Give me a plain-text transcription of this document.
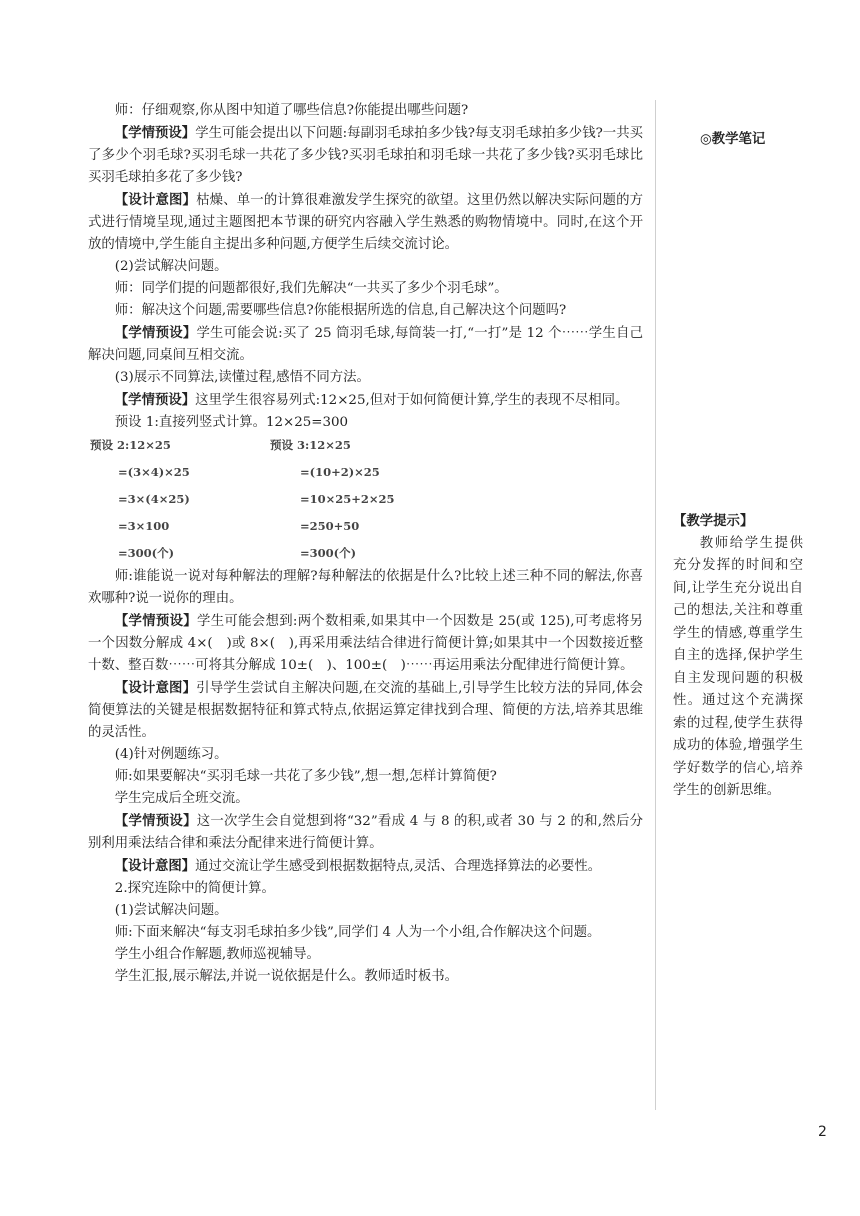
师：仔细观察,你从图中知道了哪些信息?你能提出哪些问题?

【学情预设】学生可能会提出以下问题:每副羽毛球拍多少钱?每支羽毛球拍多少钱?一共买了多少个羽毛球?买羽毛球一共花了多少钱?买羽毛球拍和羽毛球一共花了多少钱?买羽毛球比买羽毛球拍多花了多少钱?

【设计意图】枯燥、单一的计算很难激发学生探究的欲望。这里仍然以解决实际问题的方式进行情境呈现,通过主题图把本节课的研究内容融入学生熟悉的购物情境中。同时,在这个开放的情境中,学生能自主提出多种问题,方便学生后续交流讨论。

(2)尝试解决问题。

师：同学们提的问题都很好,我们先解决“一共买了多少个羽毛球”。

师：解决这个问题,需要哪些信息?你能根据所选的信息,自己解决这个问题吗?

【学情预设】学生可能会说:买了 25 筒羽毛球,每筒装一打,“一打”是 12 个⋯⋯学生自己解决问题,同桌间互相交流。

(3)展示不同算法,读懂过程,感悟不同方法。

【学情预设】这里学生很容易列式:12×25,但对于如何简便计算,学生的表现不尽相同。

预设 1:直接列竖式计算。12×25=300

预设 2:12×25
=(3×4)×25
=3×(4×25)
=3×100
=300(个)
预设 3:12×25
=(10+2)×25
=10×25+2×25
=250+50
=300(个)

师:谁能说一说对每种解法的理解?每种解法的依据是什么?比较上述三种不同的解法,你喜欢哪种?说一说你的理由。

【学情预设】学生可能会想到:两个数相乘,如果其中一个因数是 25(或 125),可考虑将另一个因数分解成 4×(　)或 8×(　),再采用乘法结合律进行简便计算;如果其中一个因数接近整十数、整百数⋯⋯可将其分解成 10±(　)、100±(　)⋯⋯再运用乘法分配律进行简便计算。

【设计意图】引导学生尝试自主解决问题,在交流的基础上,引导学生比较方法的异同,体会简便算法的关键是根据数据特征和算式特点,依据运算定律找到合理、简便的方法,培养其思维的灵活性。

(4)针对例题练习。

师:如果要解决“买羽毛球一共花了多少钱”,想一想,怎样计算简便?

学生完成后全班交流。

【学情预设】这一次学生会自觉想到将“32”看成 4 与 8 的积,或者 30 与 2 的和,然后分别利用乘法结合律和乘法分配律来进行简便计算。

【设计意图】通过交流让学生感受到根据数据特点,灵活、合理选择算法的必要性。

2.探究连除中的简便计算。

(1)尝试解决问题。

师:下面来解决“每支羽毛球拍多少钱”,同学们 4 人为一个小组,合作解决这个问题。

学生小组合作解题,教师巡视辅导。

学生汇报,展示解法,并说一说依据是什么。教师适时板书。

◎教学笔记
【教学提示】
教师给学生提供充分发挥的时间和空间,让学生充分说出自己的想法,关注和尊重学生的情感,尊重学生自主的选择,保护学生自主发现问题的积极性。通过这个充满探索的过程,使学生获得成功的体验,增强学生学好数学的信心,培养学生的创新思维。
2
